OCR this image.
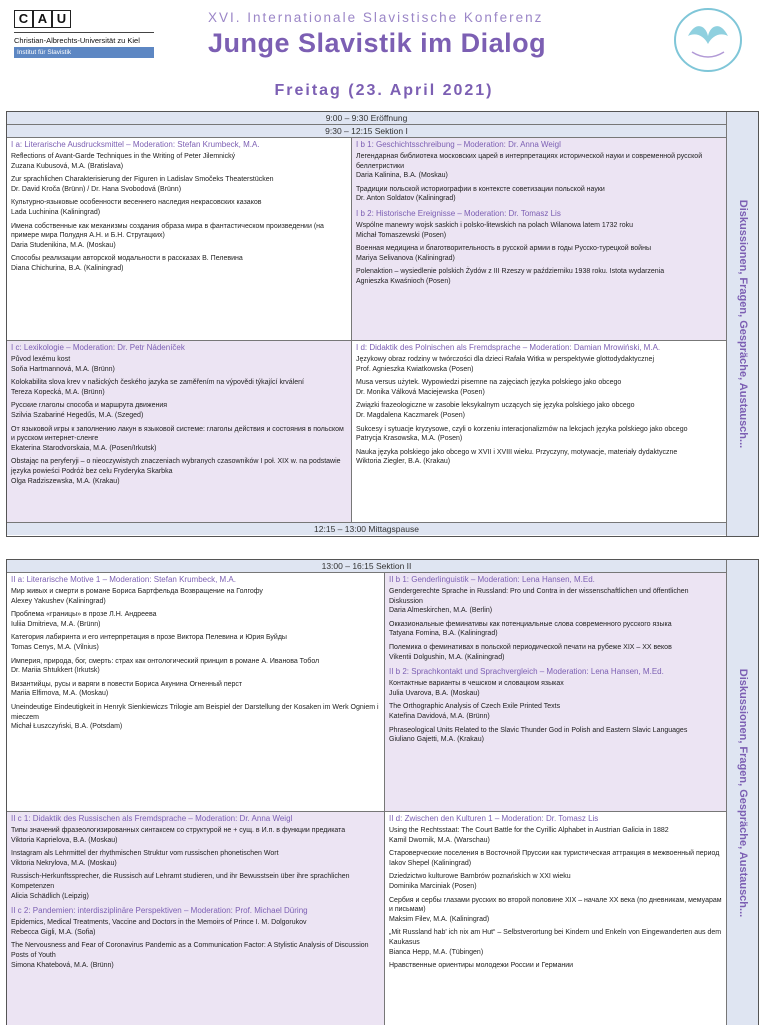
C A U
Christian-Albrechts-Universität zu Kiel
Institut für Slavistik
XVI. Internationale Slavistische Konferenz
Junge Slavistik im Dialog
Freitag (23. April 2021)
9:00 – 9:30 Eröffnung
9:30 – 12:15 Sektion I
Diskussionen, Fragen, Gespräche, Austausch...
I a: Literarische Ausdrucksmittel – Moderation: Stefan Krumbeck, M.A.
Reflections of Avant-Garde Techniques in the Writing of Peter Jilemnický
Zuzana Kubusová, M.A. (Bratislava)
Zur sprachlichen Charakterisierung der Figuren in Ladislav Smočeks Theaterstücken
Dr. David Kroča (Brünn) / Dr. Hana Svobodová (Brünn)
Культурно-языковые особенности весеннего наследия некрасовских казаков
Lada Luchinina (Kaliningrad)
Имена собственные как механизмы создания образа мира в фантастическом произведении (на примере мира Полудня А.Н. и Б.Н. Стругацких)
Daria Studenikina, M.A. (Moskau)
Способы реализации авторской модальности в рассказах В. Пелевина
Diana Chichurina, B.A. (Kaliningrad)
I b 1: Geschichtsschreibung – Moderation: Dr. Anna Weigl
Легендарная библиотека московских царей в интерпретациях исторической науки и современной русской беллетристики
Daria Kalinina, B.A. (Moskau)
Традиции польской историографии в контексте советизации польской науки
Dr. Anton Soldatov (Kaliningrad)
I b 2: Historische Ereignisse – Moderation: Dr. Tomasz Lis
Wspólne manewry wojsk saskich i polsko-litewskich na polach Wilanowa latem 1732 roku
Michał Tomaszewski (Posen)
Военная медицина и благотворительность в русской армии в годы Русско-турецкой войны
Mariya Selivanova (Kaliningrad)
Polenaktion – wysiedlenie polskich Żydów z III Rzeszy w październiku 1938 roku. Istota wydarzenia
Agnieszka Kwaśnioch (Posen)
I c: Lexikologie – Moderation: Dr. Petr Nádeníček
Původ lexému kost
Soňa Hartmannová, M.A. (Brünn)
Kolokabilita slova krev v našických českého jazyka se zaměřením na výpovědi týkající krválení
Tereza Kopecká, M.A. (Brünn)
Русские глаголы способа и маршрута движения
Szilvia Szabariné Hegedűs, M.A. (Szeged)
От языковой игры к заполнению лакун в языковой системе: глаголы действия и состояния в польском и русском интернет-сленге
Ekaterina Starodvorskaia, M.A. (Posen/Irkutsk)
Obstając na peryferyji – o nieoczywistych znaczeniach wybranych czasowników I poł. XIX w. na podstawie języka powieści Podróż bez celu Fryderyka Skarbka
Olga Radziszewska, M.A. (Krakau)
I d: Didaktik des Polnischen als Fremdsprache – Moderation: Damian Mrowiński, M.A.
Językowy obraz rodziny w twórczości dla dzieci Rafała Witka w perspektywie glottodydaktycznej
Prof. Agnieszka Kwiatkowska (Posen)
Musa versus użytek. Wypowiedzi pisemne na zajęciach języka polskiego jako obcego
Dr. Monika Válková Maciejewska (Posen)
Związki frazeologiczne w zasobie leksykalnym uczących się języka polskiego jako obcego
Dr. Magdalena Kaczmarek (Posen)
Sukcesy i sytuacje kryzysowe, czyli o korzeniu interacjonalizmów na lekcjach języka polskiego jako obcego
Patrycja Krasowska, M.A. (Posen)
Nauka języka polskiego jako obcego w XVII i XVIII wieku. Przyczyny, motywacje, materiały dydaktyczne
Wiktoria Ziegler, B.A. (Krakau)
12:15 – 13:00 Mittagspause
13:00 – 16:15 Sektion II
Diskussionen, Fragen, Gespräche, Austausch...
II a: Literarische Motive 1 – Moderation: Stefan Krumbeck, M.A.
Мир живых и смерти в романе Бориса Бартфельда Возвращение на Голгофу
Alexey Yakushev (Kaliningrad)
Проблема «границы» в прозе Л.Н. Андреева
Iuliia Dmitrieva, M.A. (Brünn)
Категория лабиринта и его интерпретация в прозе Виктора Пелевина и Юрия Буйды
Tomas Cenys, M.A. (Vilnius)
Империя, природа, бог, смерть: страх как онтологический принцип в романе А. Иванова Тобол
Dr. Mariia Shtukkert (Irkutsk)
Византийцы, русы и варяги в повести Бориса Акунина Огненный перст
Mariia Elfimova, M.A. (Moskau)
Uneindeutige Eindeutigkeit in Henryk Sienkiewiczs Trilogie am Beispiel der Darstellung der Kosaken im Werk Ogniem i mieczem
Michał Łuszczyński, B.A. (Potsdam)
II b 1: Genderlinguistik – Moderation: Lena Hansen, M.Ed.
Gendergerechte Sprache in Russland: Pro und Contra in der wissenschaftlichen und öffentlichen Diskussion
Daria Almeskirchen, M.A. (Berlin)
Окказиональные феминативы как потенциальные слова современного русского языка
Tatyana Fomina, B.A. (Kaliningrad)
Полемика о феминативах в польской периодической печати на рубеже XIX – XX веков
Vikentii Dolgushin, M.A. (Kaliningrad)
II b 2: Sprachkontakt und Sprachvergleich – Moderation: Lena Hansen, M.Ed.
Контактные варианты в чешском и словацком языках
Julia Uvarova, B.A. (Moskau)
The Orthographic Analysis of Czech Exile Printed Texts
Kateřina Davidová, M.A. (Brünn)
Phraseological Units Related to the Slavic Thunder God in Polish and Eastern Slavic Languages
Giuliano Gajetti, M.A. (Krakau)
II c 1: Didaktik des Russischen als Fremdsprache – Moderation: Dr. Anna Weigl
Типы значений фразеологизированных синтаксем со структурой не + сущ. в И.п. в функции предиката
Viktoria Kaprielova, B.A. (Moskau)
Instagram als Lehrmittel der rhythmischen Struktur vom russischen phonetischen Wort
Viktoria Nekrylova, M.A. (Moskau)
Russisch-Herkunftssprecher, die Russisch auf Lehramt studieren, und ihr Bewusstsein über ihre sprachlichen Kompetenzen
Alicia Schädlich (Leipzig)
II c 2: Pandemien: interdisziplinäre Perspektiven – Moderation: Prof. Michael Düring
Epidemics, Medical Treatments, Vaccine and Doctors in the Memoirs of Prince I. M. Dolgorukov
Rebecca Gigli, M.A. (Sofia)
The Nervousness and Fear of Coronavirus Pandemic as a Communication Factor: A Stylistic Analysis of Discussion Posts of Youth
Simona Khatebová, M.A. (Brünn)
II d: Zwischen den Kulturen 1 – Moderation: Dr. Tomasz Lis
Using the Rechtsstaat: The Court Battle for the Cyrillic Alphabet in Austrian Galicia in 1882
Kamil Dwornik, M.A. (Warschau)
Староверческие поселения в Восточной Пруссии как туристическая аттракция в межвоенный период
Iakov Shepel (Kaliningrad)
Dziedzictwo kulturowe Bambrów poznańskich w XXI wieku
Dominika Marciniak (Posen)
Сербия и сербы глазами русских во второй половине XIX – начале XX века (по дневникам, мемуарам и письмам)
Maksim Filev, M.A. (Kaliningrad)
„Mit Russland hab' ich nix am Hut“ – Selbstverortung bei Kindern und Enkeln von Eingewanderten aus dem Kaukasus
Bianca Hepp, M.A. (Tübingen)
Нравственные ориентиры молодежи России и Германии
